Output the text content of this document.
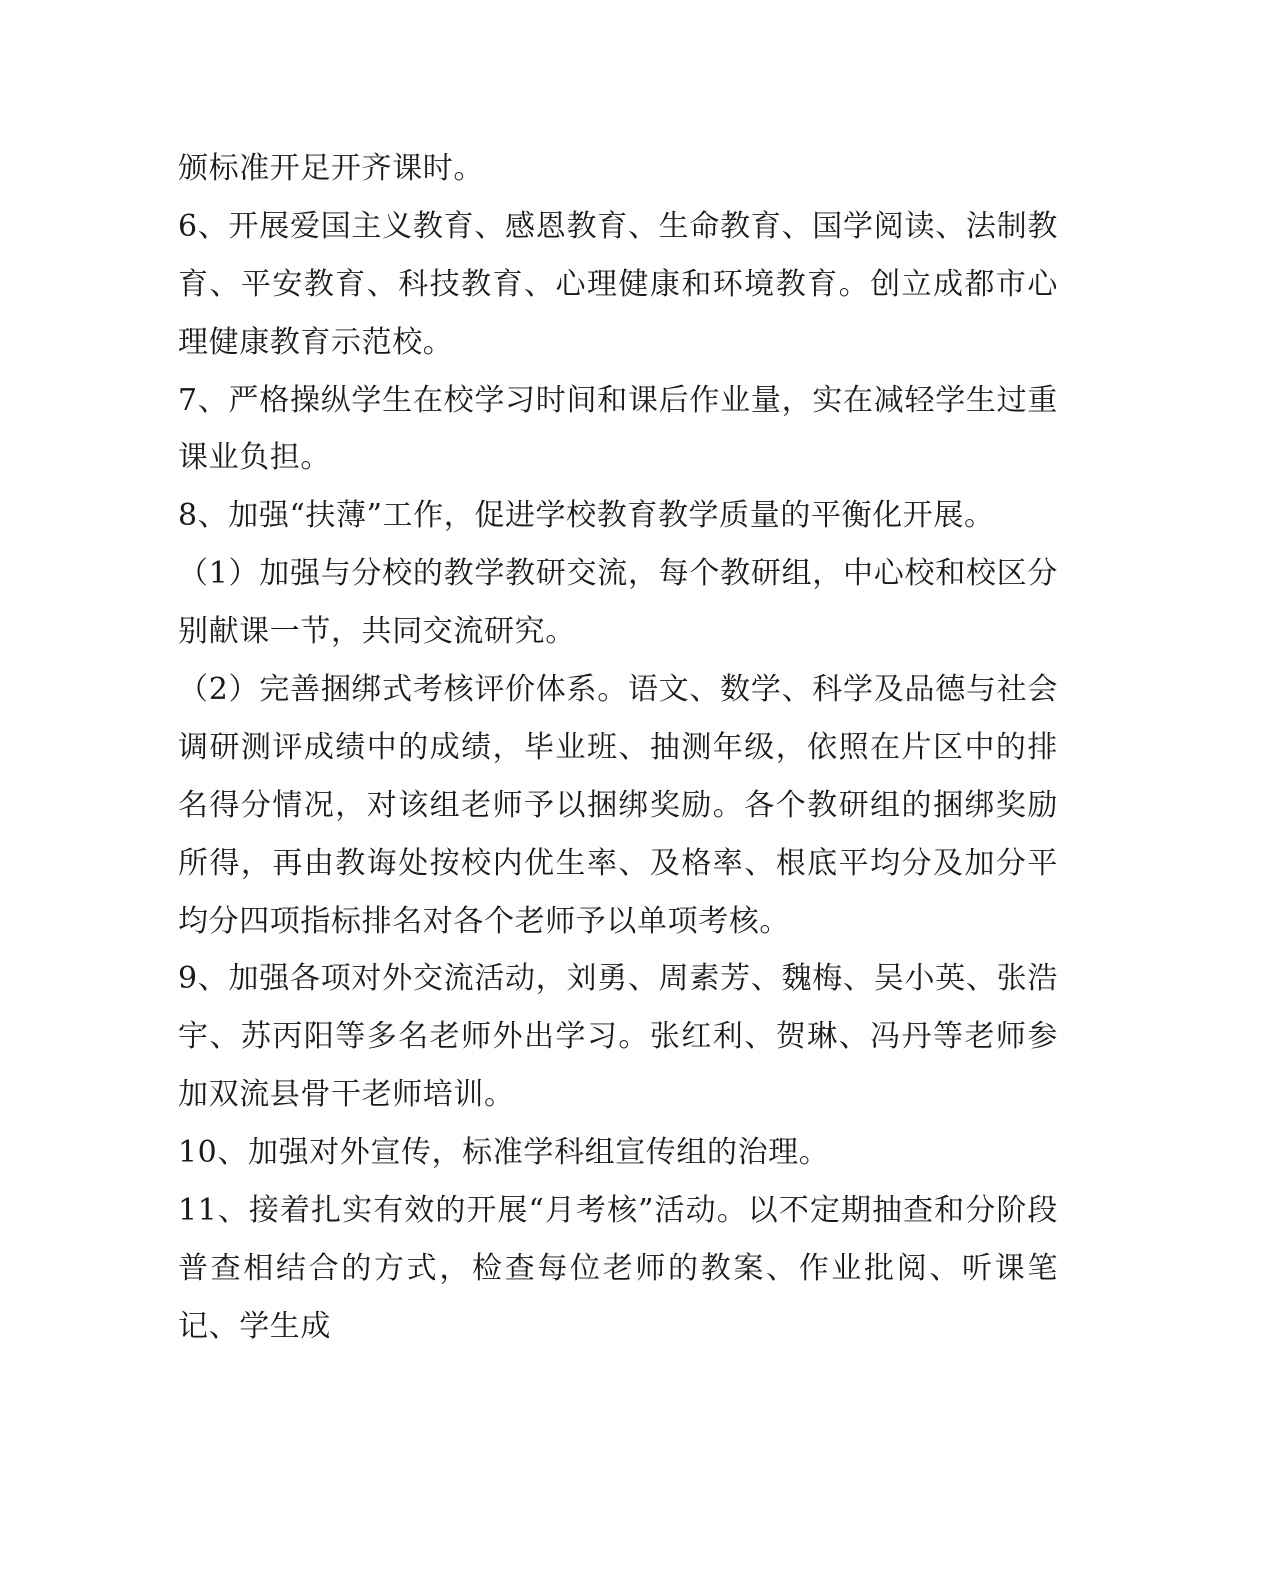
颁标准开足开齐课时。

6、开展爱国主义教育、感恩教育、生命教育、国学阅读、法制教育、平安教育、科技教育、心理健康和环境教育。创立成都市心理健康教育示范校。

7、严格操纵学生在校学习时间和课后作业量，实在减轻学生过重课业负担。

8、加强“扶薄”工作，促进学校教育教学质量的平衡化开展。

（1）加强与分校的教学教研交流，每个教研组，中心校和校区分别献课一节，共同交流研究。

（2）完善捆绑式考核评价体系。语文、数学、科学及品德与社会调研测评成绩中的成绩，毕业班、抽测年级，依照在片区中的排名得分情况，对该组老师予以捆绑奖励。各个教研组的捆绑奖励所得，再由教诲处按校内优生率、及格率、根底平均分及加分平均分四项指标排名对各个老师予以单项考核。

9、加强各项对外交流活动，刘勇、周素芳、魏梅、吴小英、张浩宇、苏丙阳等多名老师外出学习。张红利、贺琳、冯丹等老师参加双流县骨干老师培训。

10、加强对外宣传，标准学科组宣传组的治理。

11、接着扎实有效的开展“月考核”活动。以不定期抽查和分阶段普查相结合的方式，检查每位老师的教案、作业批阅、听课笔记、学生成
